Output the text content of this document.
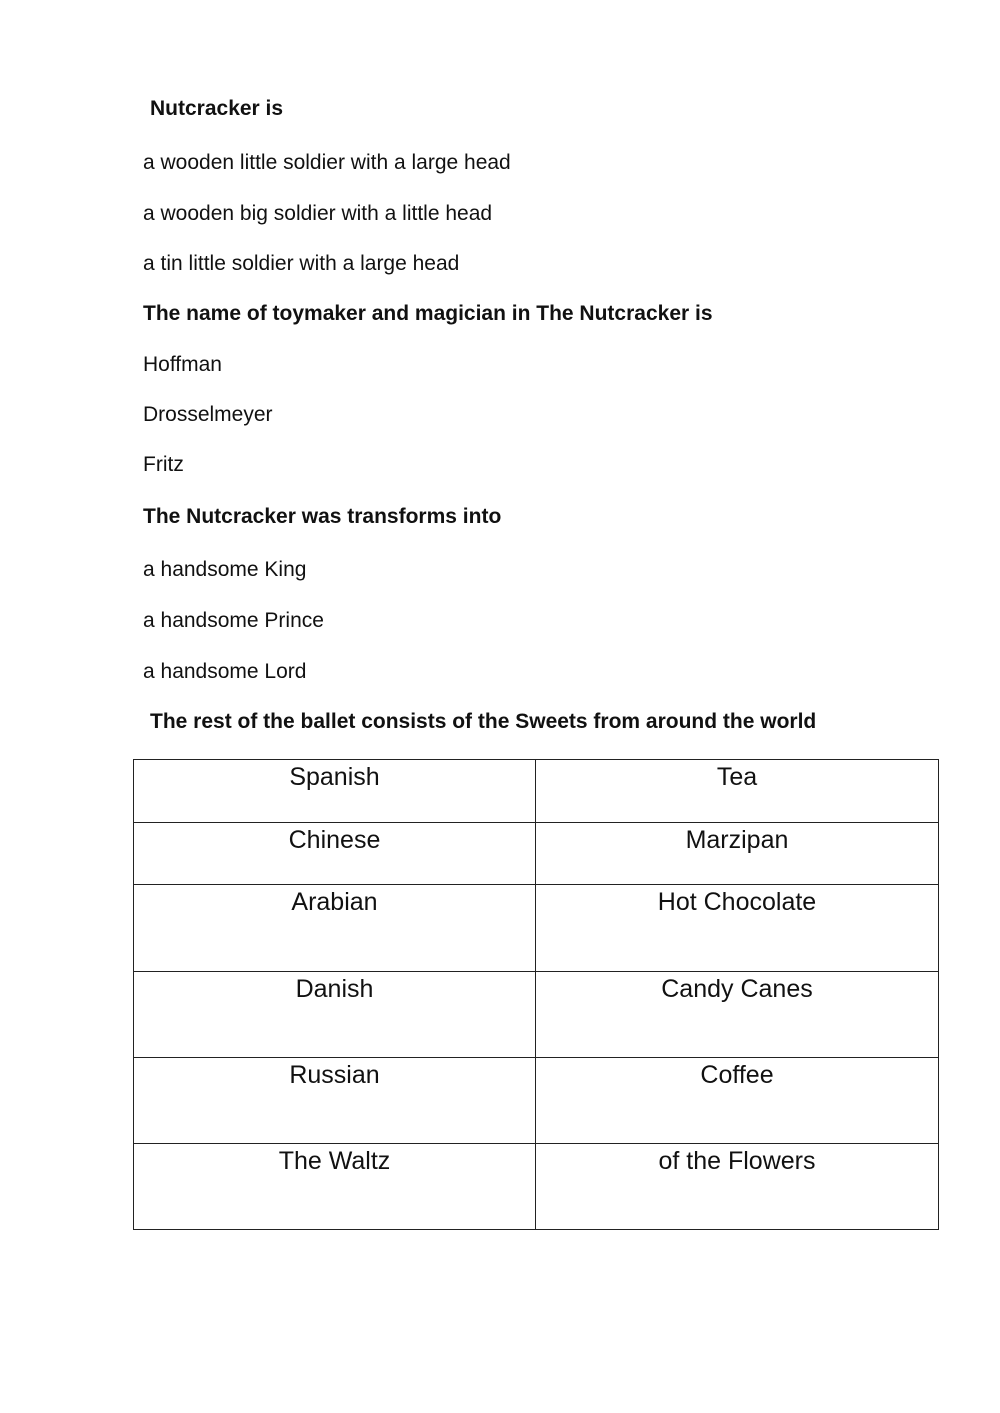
Nutcracker is
a wooden little soldier with a large head
a wooden big soldier with a little head
a tin little soldier with a large head
The name of toymaker and magician in The Nutcracker is
Hoffman
Drosselmeyer
Fritz
The Nutcracker was transforms into
a handsome King
a handsome Prince
a handsome Lord
The rest of the ballet consists of the Sweets from around the world
Spanish	Tea
Chinese	Marzipan
Arabian	Hot Chocolate
Danish	Candy Canes
Russian	Coffee
The Waltz	of the Flowers
